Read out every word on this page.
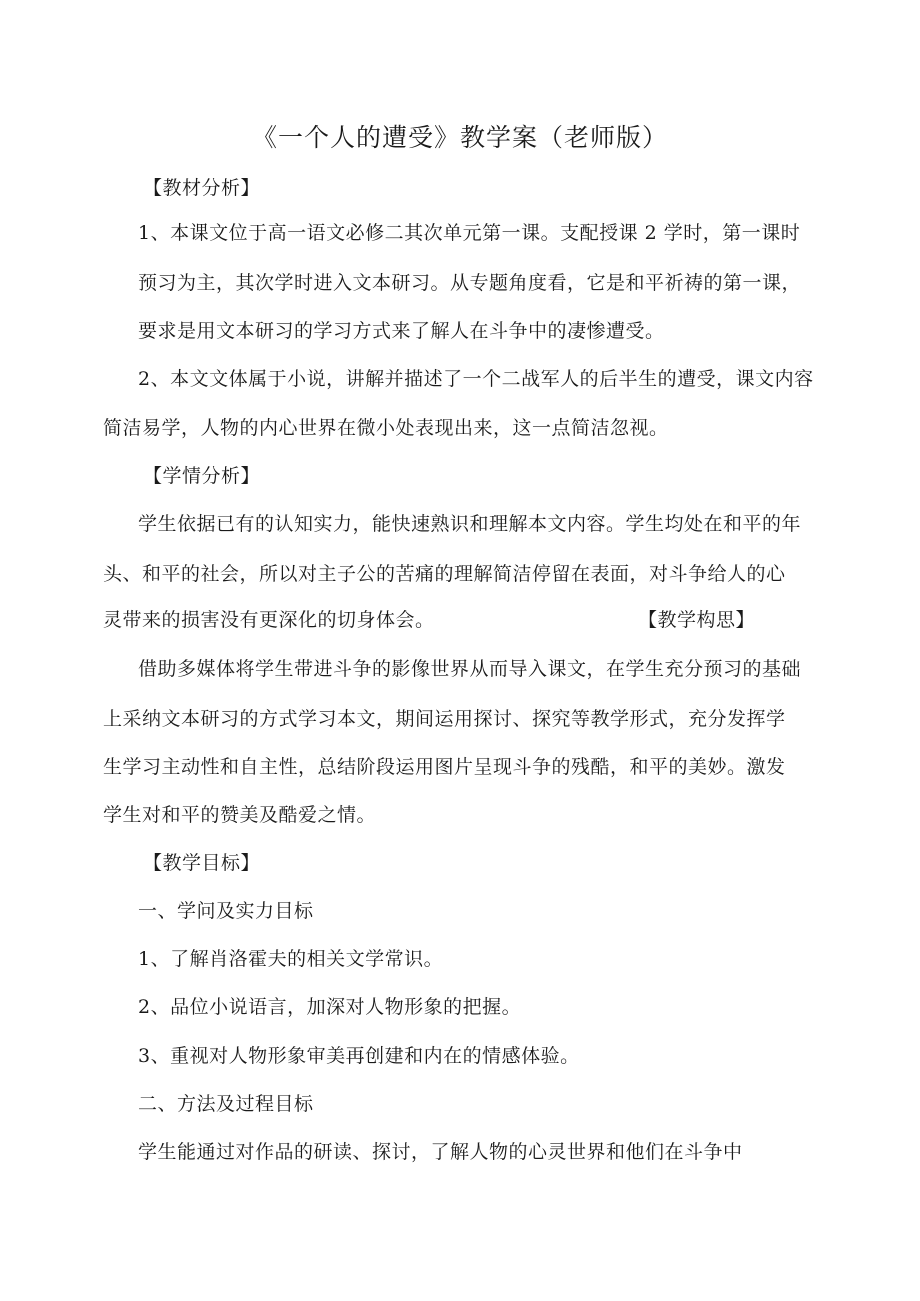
《一个人的遭受》教学案（老师版）
【教材分析】
1、本课文位于高一语文必修二其次单元第一课。支配授课 2 学时，第一课时
预习为主，其次学时进入文本研习。从专题角度看，它是和平祈祷的第一课，
要求是用文本研习的学习方式来了解人在斗争中的凄惨遭受。
2、本文文体属于小说，讲解并描述了一个二战军人的后半生的遭受，课文内容
简洁易学，人物的内心世界在微小处表现出来，这一点简洁忽视。
【学情分析】
学生依据已有的认知实力，能快速熟识和理解本文内容。学生均处在和平的年
头、和平的社会，所以对主子公的苦痛的理解简洁停留在表面，对斗争给人的心
灵带来的损害没有更深化的切身体会。	【教学构思】
借助多媒体将学生带进斗争的影像世界从而导入课文，在学生充分预习的基础
上采纳文本研习的方式学习本文，期间运用探讨、探究等教学形式，充分发挥学
生学习主动性和自主性，总结阶段运用图片呈现斗争的残酷，和平的美妙。激发
学生对和平的赞美及酷爱之情。
【教学目标】
一、学问及实力目标
1、了解肖洛霍夫的相关文学常识。
2、品位小说语言，加深对人物形象的把握。
3、重视对人物形象审美再创建和内在的情感体验。
二、方法及过程目标
学生能通过对作品的研读、探讨，了解人物的心灵世界和他们在斗争中
